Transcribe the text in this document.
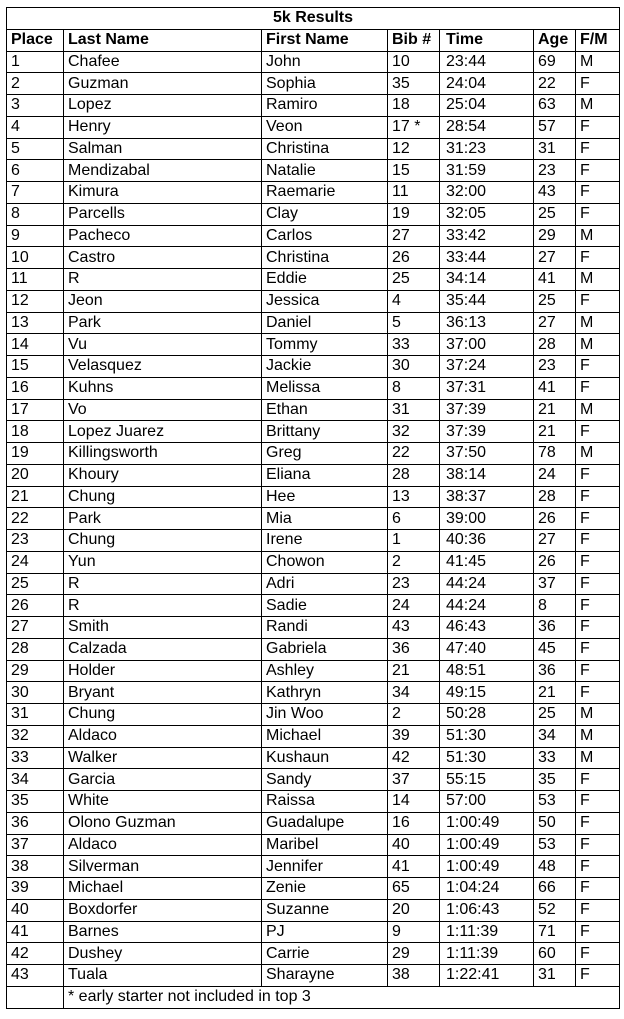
5k Results						
Place	Last Name	First Name	Bib #	Time	Age	F/M
1	Chafee	John	10	23:44	69	M
2	Guzman	Sophia	35	24:04	22	F
3	Lopez	Ramiro	18	25:04	63	M
4	Henry	Veon	17 *	28:54	57	F
5	Salman	Christina	12	31:23	31	F
6	Mendizabal	Natalie	15	31:59	23	F
7	Kimura	Raemarie	11	32:00	43	F
8	Parcells	Clay	19	32:05	25	F
9	Pacheco	Carlos	27	33:42	29	M
10	Castro	Christina	26	33:44	27	F
11	R	Eddie	25	34:14	41	M
12	Jeon	Jessica	4	35:44	25	F
13	Park	Daniel	5	36:13	27	M
14	Vu	Tommy	33	37:00	28	M
15	Velasquez	Jackie	30	37:24	23	F
16	Kuhns	Melissa	8	37:31	41	F
17	Vo	Ethan	31	37:39	21	M
18	Lopez Juarez	Brittany	32	37:39	21	F
19	Killingsworth	Greg	22	37:50	78	M
20	Khoury	Eliana	28	38:14	24	F
21	Chung	Hee	13	38:37	28	F
22	Park	Mia	6	39:00	26	F
23	Chung	Irene	1	40:36	27	F
24	Yun	Chowon	2	41:45	26	F
25	R	Adri	23	44:24	37	F
26	R	Sadie	24	44:24	8	F
27	Smith	Randi	43	46:43	36	F
28	Calzada	Gabriela	36	47:40	45	F
29	Holder	Ashley	21	48:51	36	F
30	Bryant	Kathryn	34	49:15	21	F
31	Chung	Jin Woo	2	50:28	25	M
32	Aldaco	Michael	39	51:30	34	M
33	Walker	Kushaun	42	51:30	33	M
34	Garcia	Sandy	37	55:15	35	F
35	White	Raissa	14	57:00	53	F
36	Olono Guzman	Guadalupe	16	1:00:49	50	F
37	Aldaco	Maribel	40	1:00:49	53	F
38	Silverman	Jennifer	41	1:00:49	48	F
39	Michael	Zenie	65	1:04:24	66	F
40	Boxdorfer	Suzanne	20	1:06:43	52	F
41	Barnes	PJ	9	1:11:39	71	F
42	Dushey	Carrie	29	1:11:39	60	F
43	Tuala	Sharayne	38	1:22:41	31	F
	* early starter not included in top 3					
